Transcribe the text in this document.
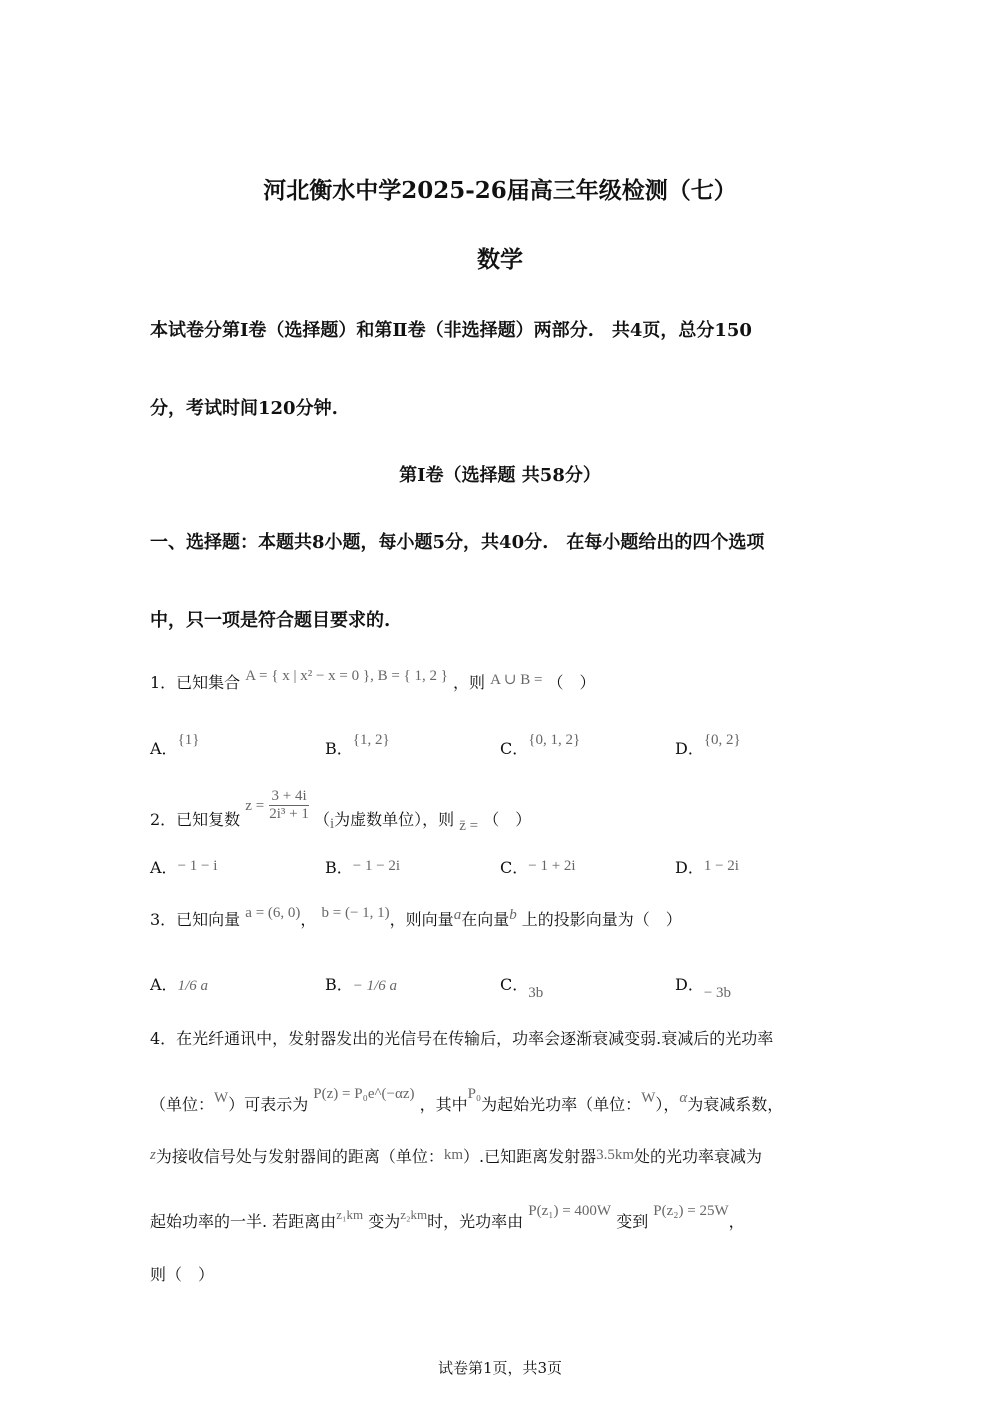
河北衡水中学2025-26届高三年级检测（七）
数学
本试卷分第Ⅰ卷（选择题）和第Ⅱ卷（非选择题）两部分.　共4页，总分150
分，考试时间120分钟.
第Ⅰ卷（选择题 共58分）
一、选择题：本题共8小题，每小题5分，共40分.　在每小题给出的四个选项
中，只一项是符合题目要求的.
1．已知集合 A = { x | x² − x = 0 }, B = { 1, 2 } ，则 A ∪ B = （　）
A．{1}	B．{1, 2}	C．{0, 1, 2}	D．{0, 2}
2．已知复数 $z = \frac{3 + 4i}{\text{2i³ + 1}} (i$为虚数单位），则 z̄ = （　）
A．− 1 − i	B．− 1 − 2i	C．− 1 + 2i	D．1 − 2i
3．已知向量 a = (6, 0)， b = (− 1, 1)，则向量a在向量b 上的投影向量为（　）
A．1/6 a	B．− 1/6 a	C．3b	D．− 3b
4．在光纤通讯中，发射器发出的光信号在传输后，功率会逐渐衰减变弱.衰减后的光功率
（单位：W）可表示为 P(z) = P₀e^(−αz) ，其中P₀为起始光功率（单位：W），α为衰减系数，
z为接收信号处与发射器间的距离（单位：km）.已知距离发射器3.5km处的光功率衰减为
起始功率的一半. 若距离由z₁km 变为z₂km时，光功率由 P(z₁) = 400W 变到 P(z₂) = 25W，
则（　）
试卷第1页，共3页
